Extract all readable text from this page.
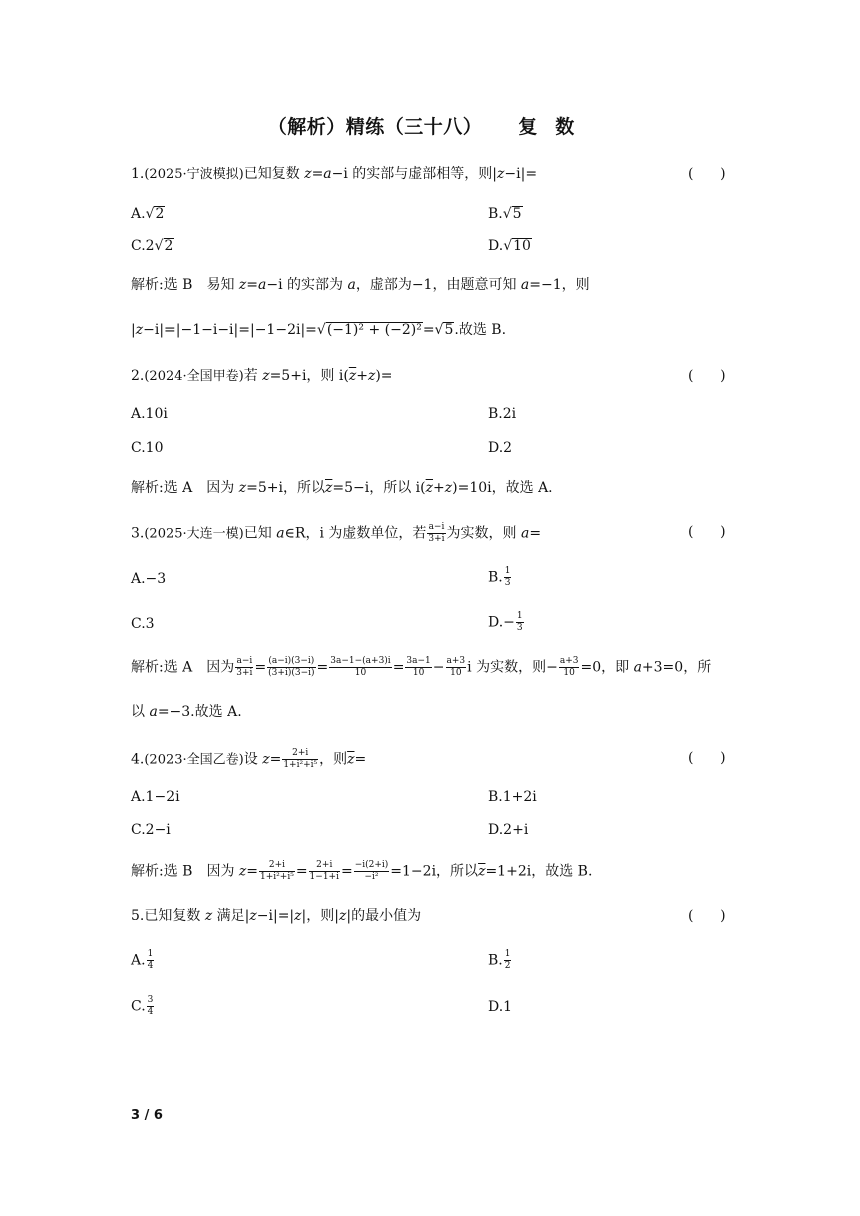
（解析）精练（三十八） 复数
1.(2025·宁波模拟)已知复数 z=a−i 的实部与虚部相等，则|z−i|=	(      )
A.√2	B.√5
C.2√2	D.√10
解析:选 B　易知 z=a−i 的实部为 a，虚部为−1，由题意可知 a=−1，则
|z−i|=|−1−i−i|=|−1−2i|=√(−1)² + (−2)²=√5.故选 B.
2.(2024·全国甲卷)若 z=5+i，则 $i(\overline{z}+z)=$	(      )
A.10i	B.2i
C.10	D.2
解析:选 A　因为 z=5+i，所以$\overline{z}=5-i$，所以 $i(\overline{z}+z)=10i$，故选 A.
3.(2025·大连一模)已知 a∈R，i 为虚数单位，若 $\frac{a-i}{3+i}$ 为实数，则 a=	(      )
A.−3	B. $\frac{1}{3}$
C.3	$D.- \frac{1}{3}$
解析:选 A　因为 $\frac{a-i}{3+i} = \frac{(a-i)(3-i)}{(3+i)(3-i)} = \frac{3a-1-(a+3)i}{10} = \frac{3a-1}{10} - \frac{a+3}{10}$ i 为实数，则− $\frac{a+3}{10} =0$，即 a+3=0，所
以 a=−3.故选 A.
4.(2023·全国乙卷)设 $z= \frac{2+i}{\text{1+i²+i⁵}}$ ，则$\overline{z}=$	(      )
A.1−2i	B.1+2i
C.2−i	D.2+i
解析:选 B　因为 $z= \frac{2+i}{\text{1+i²+i⁵}} = \frac{2+i}{1-1+i} = \frac{-i(2+i)}{\text{−i²}} =1-2i$，所以$\overline{z}=1+2i$，故选 B.
5.已知复数 z 满足|z−i|=|z|，则|z|的最小值为	(      )
A. $\frac{1}{4}$	B. $\frac{1}{2}$
C. $\frac{3}{4}$	D.1
3 / 6
